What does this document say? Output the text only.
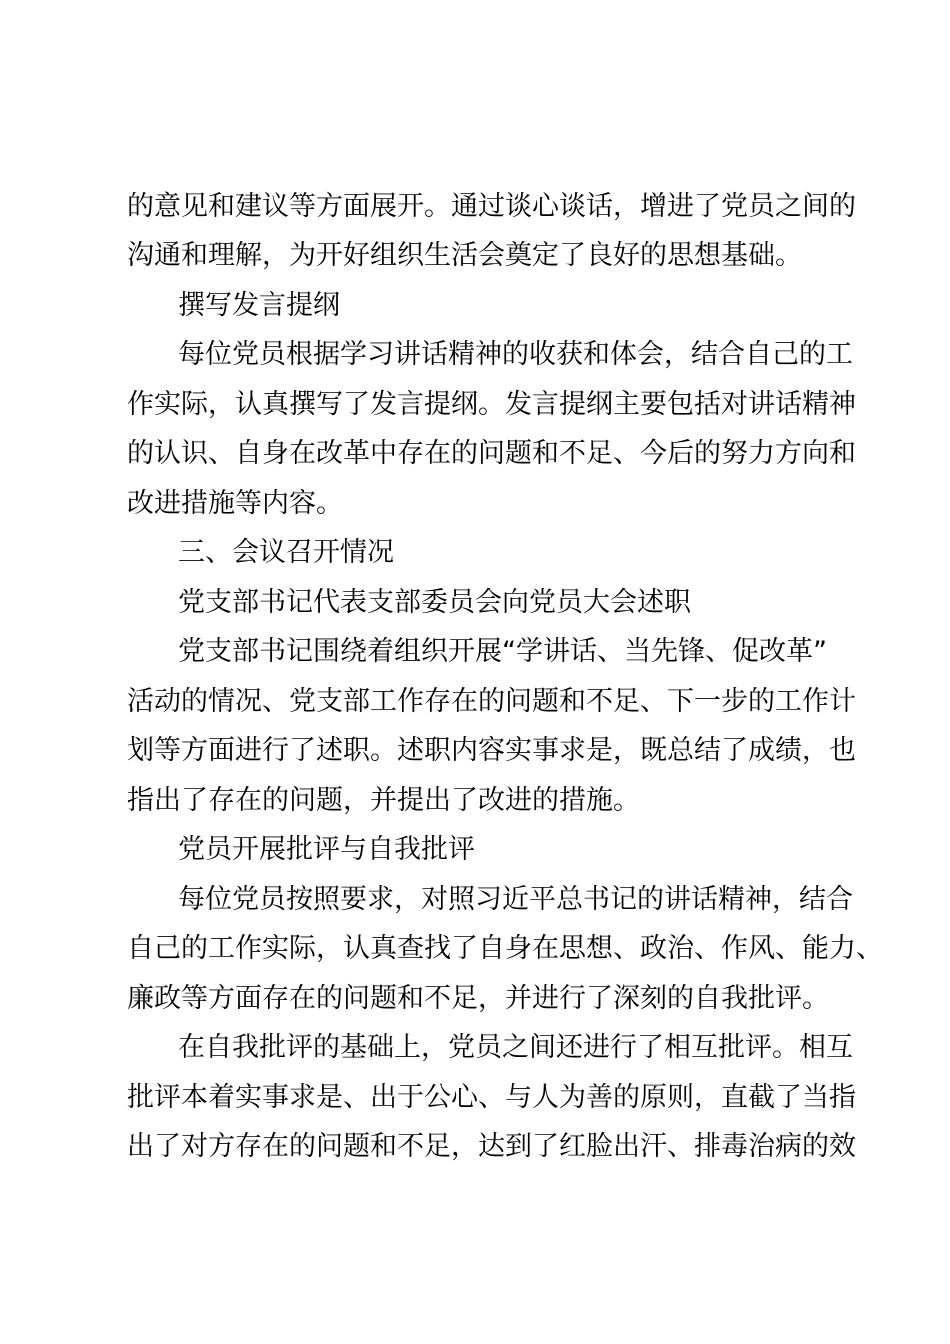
的意见和建议等方面展开。通过谈心谈话，增进了党员之间的
沟通和理解，为开好组织生活会奠定了良好的思想基础。
撰写发言提纲
每位党员根据学习讲话精神的收获和体会，结合自己的工
作实际，认真撰写了发言提纲。发言提纲主要包括对讲话精神
的认识、自身在改革中存在的问题和不足、今后的努力方向和
改进措施等内容。
三、会议召开情况
党支部书记代表支部委员会向党员大会述职
党支部书记围绕着组织开展“学讲话、当先锋、促改革”
活动的情况、党支部工作存在的问题和不足、下一步的工作计
划等方面进行了述职。述职内容实事求是，既总结了成绩，也
指出了存在的问题，并提出了改进的措施。
党员开展批评与自我批评
每位党员按照要求，对照习近平总书记的讲话精神，结合
自己的工作实际，认真查找了自身在思想、政治、作风、能力、
廉政等方面存在的问题和不足，并进行了深刻的自我批评。
在自我批评的基础上，党员之间还进行了相互批评。相互
批评本着实事求是、出于公心、与人为善的原则，直截了当指
出了对方存在的问题和不足，达到了红脸出汗、排毒治病的效
